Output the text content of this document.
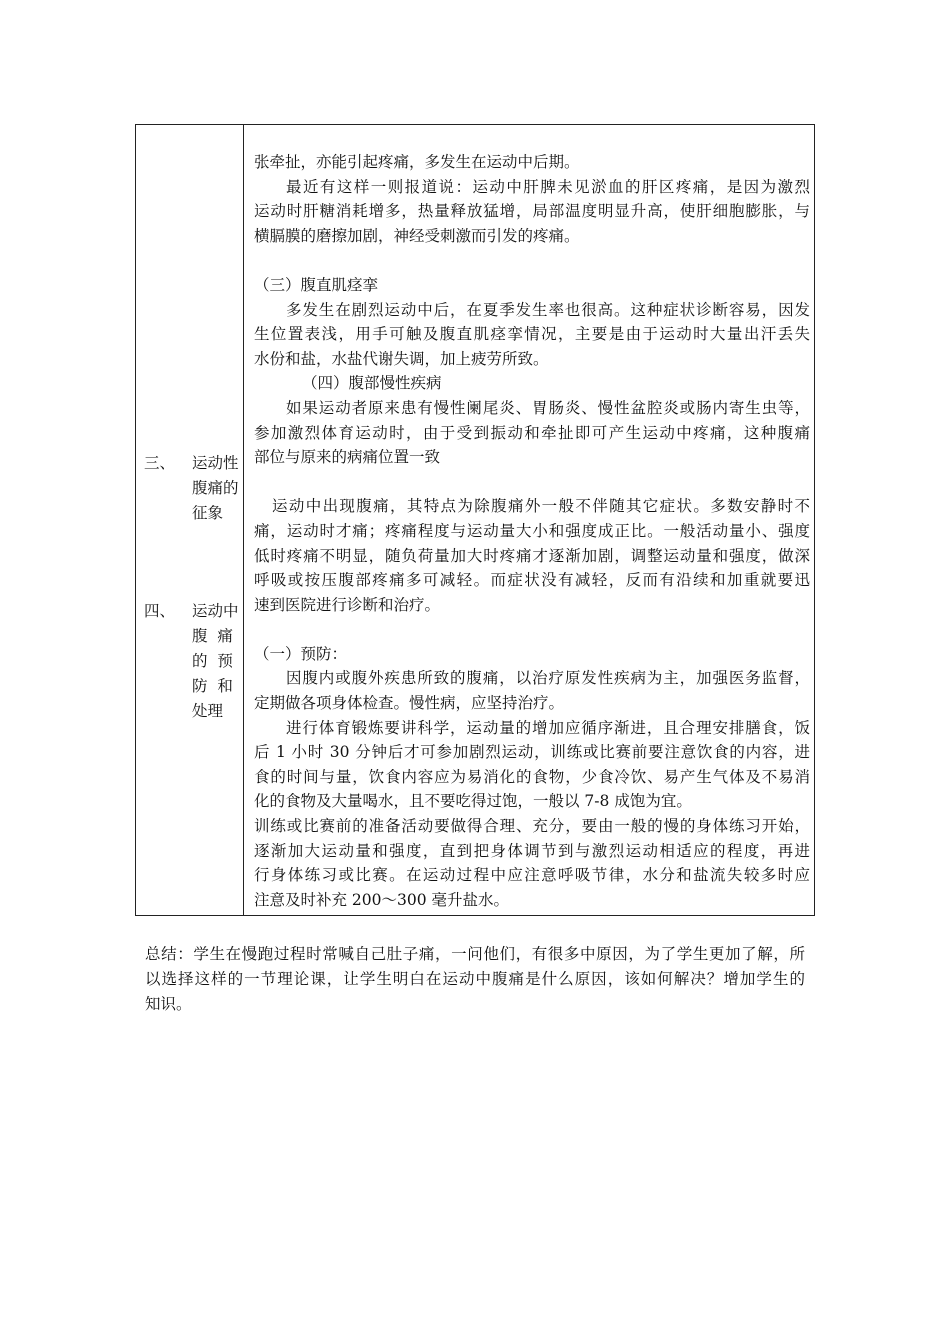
三、 运动性
腹痛的
征象
四、 运动中
腹  痛
的  预
防  和
处理
张牵扯，亦能引起疼痛，多发生在运动中后期。
最近有这样一则报道说：运动中肝脾未见淤血的肝区疼痛，是因为激烈
运动时肝糖消耗增多，热量释放猛增，局部温度明显升高，使肝细胞膨胀，与
横膈膜的磨擦加剧，神经受刺激而引发的疼痛。
（三）腹直肌痉挛
多发生在剧烈运动中后，在夏季发生率也很高。这种症状诊断容易，因发
生位置表浅，用手可触及腹直肌痉挛情况，主要是由于运动时大量出汗丢失
水份和盐，水盐代谢失调，加上疲劳所致。
（四）腹部慢性疾病
如果运动者原来患有慢性阑尾炎、胃肠炎、慢性盆腔炎或肠内寄生虫等，
参加激烈体育运动时，由于受到振动和牵扯即可产生运动中疼痛，这种腹痛
部位与原来的病痛位置一致
运动中出现腹痛，其特点为除腹痛外一般不伴随其它症状。多数安静时不
痛，运动时才痛；疼痛程度与运动量大小和强度成正比。一般活动量小、强度
低时疼痛不明显，随负荷量加大时疼痛才逐渐加剧，调整运动量和强度，做深
呼吸或按压腹部疼痛多可减轻。而症状没有减轻，反而有沿续和加重就要迅
速到医院进行诊断和治疗。
（一）预防：
因腹内或腹外疾患所致的腹痛，以治疗原发性疾病为主，加强医务监督，
定期做各项身体检查。慢性病，应坚持治疗。
进行体育锻炼要讲科学，运动量的增加应循序渐进，且合理安排膳食，饭
后 1 小时 30 分钟后才可参加剧烈运动，训练或比赛前要注意饮食的内容，进
食的时间与量，饮食内容应为易消化的食物，少食冷饮、易产生气体及不易消
化的食物及大量喝水，且不要吃得过饱，一般以 7-8 成饱为宜。
训练或比赛前的准备活动要做得合理、充分，要由一般的慢的身体练习开始，
逐渐加大运动量和强度，直到把身体调节到与激烈运动相适应的程度，再进
行身体练习或比赛。在运动过程中应注意呼吸节律，水分和盐流失较多时应
注意及时补充 200～300 毫升盐水。
总结：学生在慢跑过程时常喊自己肚子痛，一问他们，有很多中原因，为了学生更加了解，所
以选择这样的一节理论课，让学生明白在运动中腹痛是什么原因，该如何解决？增加学生的
知识。
